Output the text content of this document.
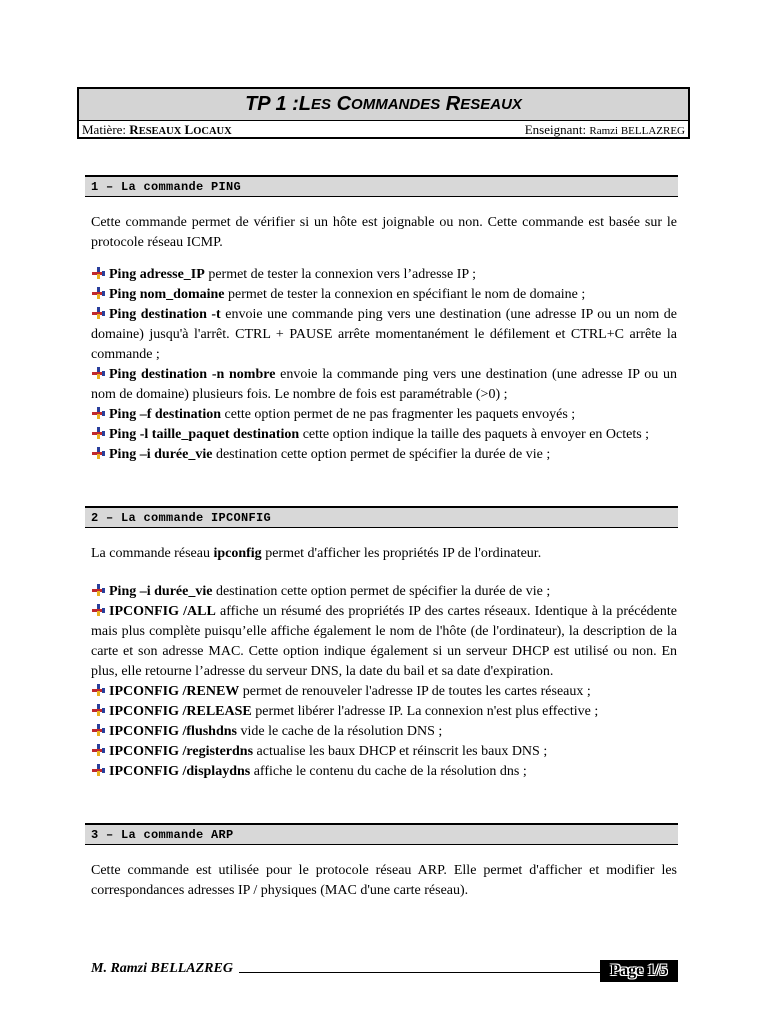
TP 1 : L ES
C OMMANDES
R ESEAUX
Matière: RESEAUX LOCAUX	Enseignant: Ramzi BELLAZREG
1 – La commande PING
Cette commande permet de vérifier si un hôte est joignable ou non. Cette commande est basée sur le protocole réseau ICMP.
Ping adresse_IP permet de tester la connexion vers l’adresse IP ;
Ping nom_domaine permet de tester la connexion en spécifiant le nom de domaine ;
Ping destination -t envoie une commande ping vers une destination (une adresse IP ou un nom de domaine) jusqu'à l'arrêt. CTRL + PAUSE arrête momentanément le défilement et CTRL+C arrête la commande ;
Ping destination -n nombre envoie la commande ping vers une destination (une adresse IP ou un nom de domaine) plusieurs fois. Le nombre de fois est paramétrable (>0) ;
Ping –f destination cette option permet de ne pas fragmenter les paquets envoyés ;
Ping -l taille_paquet destination cette option indique la taille des paquets à envoyer en Octets ;
Ping –i durée_vie destination cette option permet de spécifier la durée de vie ;
2 – La commande IPCONFIG
La commande réseau ipconfig permet d'afficher les propriétés IP de l'ordinateur.
Ping –i durée_vie destination cette option permet de spécifier la durée de vie ;
IPCONFIG /ALL affiche un résumé des propriétés IP des cartes réseaux. Identique à la précédente mais plus complète puisqu’elle affiche également le nom de l'hôte (de l'ordinateur), la description de la carte et son adresse MAC. Cette option indique également si un serveur DHCP est utilisé ou non. En plus, elle retourne l’adresse du serveur DNS, la date du bail et sa date d'expiration.
IPCONFIG /RENEW permet de renouveler l'adresse IP de toutes les cartes réseaux ;
IPCONFIG /RELEASE permet libérer l'adresse IP. La connexion n'est plus effective ;
IPCONFIG /flushdns vide le cache de la résolution DNS ;
IPCONFIG /registerdns actualise les baux DHCP et réinscrit les baux DNS ;
IPCONFIG /displaydns affiche le contenu du cache de la résolution dns ;
3 – La commande ARP
Cette commande est utilisée pour le protocole réseau ARP. Elle permet d'afficher et modifier les correspondances adresses IP / physiques (MAC d'une carte réseau).
M. Ramzi BELLAZREG	Page 1/5
